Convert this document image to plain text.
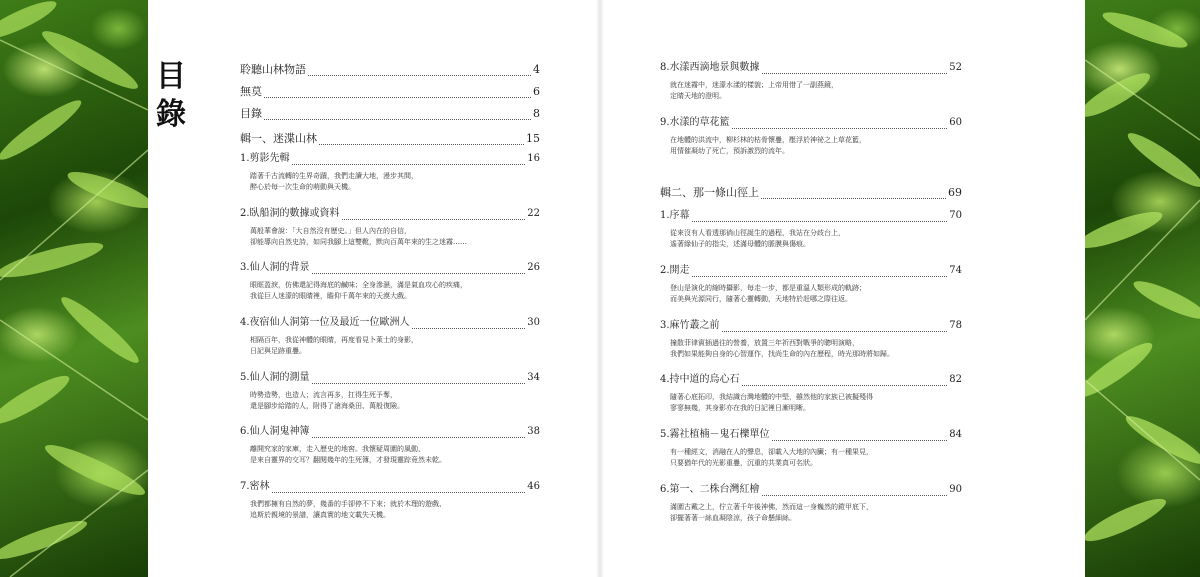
目錄
聆聽山林物語	4
無莫	6
目錄	8
輯一、迷渫山林	15
1.剪影先輯	16
踏著千古流轉的生界奇蹟，我們走讀大地，漫步其間，
醉心於每一次生命的萌動與天機。
2.臥船洞的數據或資料	22
萬般華會說：「大自然沒有歷史。」但人內在的自信，
卻能導向自然史詩，如同我腳上這雙靴，默向百萬年來的生之迷霧……
3.仙人洞的背景	26
眼眶盈淚，仿佛還記得海底的鹹味；全身滲濕，滿是氣血攻心的疾痛，
我從巨人迷濛的眼睛裡，瞻仰千萬年來的天漠大戲。
4.夜宿仙人洞第一位及最近一位歐洲人	30
相隔百年，我從神體的眼睛，再度看見卜萊士的身影，
日記與足跡重疊。
5.仙人洞的測量	34
時勢造勢，也造人；流言再多，扛得生死予奪，
還是腳步給踏的人，附得了滄海桑田、萬般復險。
6.仙人洞鬼神簿	38
離開究家的家庫，走入歷史的地窖。我懷疑周圍的風動，
是來自靈界的交耳？翻閱幾年的生死簿，才發現靈踪竟然未乾。
7.密林	46
我們都擁有自然的夢，幾番的手卻停不下來；就於木理的遊戲、
追斯於親境的景譜，讓真實的地文載失天機。
8.水漾西滴地景與數據	52
就在迷霧中，迷濛水漾的樣貌；上帝用惜了一副燕鏡，
定睛天地的澄明。
9.水漾的草花籃	60
在地體的洪流中，柳杉林的枯骨懷疊，壓浮於神祕之上草花籃，
用情催凝幼了死亡，預訴激烈的流年。
輯二、那一條山徑上	69
1.序幕	70
從來沒有人看透那徜山徑誕生的過程，我站在分歧台上，
遙著綠仙子的指尖，述滿母體的脈膜與傷痕。
2.開走	74
登山是演化的縮時攝影，每走一步，都是重溫人類形成的軌跡；
而美與光源同行，隨著心靈轉動，天地特於赶哪之際往返。
3.麻竹叢之前	78
撞散菲律賓插過往的營養，放置三年祈西對戰爭的聰明演略，
我們如果能夠自身的心智運作，找尚生命的內在歷程，時光那時將如歸。
4.持中道的烏心石	82
隨著心底拓印，我結識台灣地體的中堅，雖然他的家族已被擬殘得
寥寥無幾，其身影亦在我的日記裡日漸明晰。
5.霧社植楠－鬼石櫟單位	84
有一種經文，消融在人的聲息，卻載入大地的內臟；有一種果見，
只要猶年代的光影重疊，沉重的共業真可名狀。
6.第一、二株台灣紅檜	90
滿圍古戴之上，佇立著千年後神佛，然而這一身巍然的鎧甲底下，
卻擺著著一絲血凝陰涼，孩子命懸細絲。
